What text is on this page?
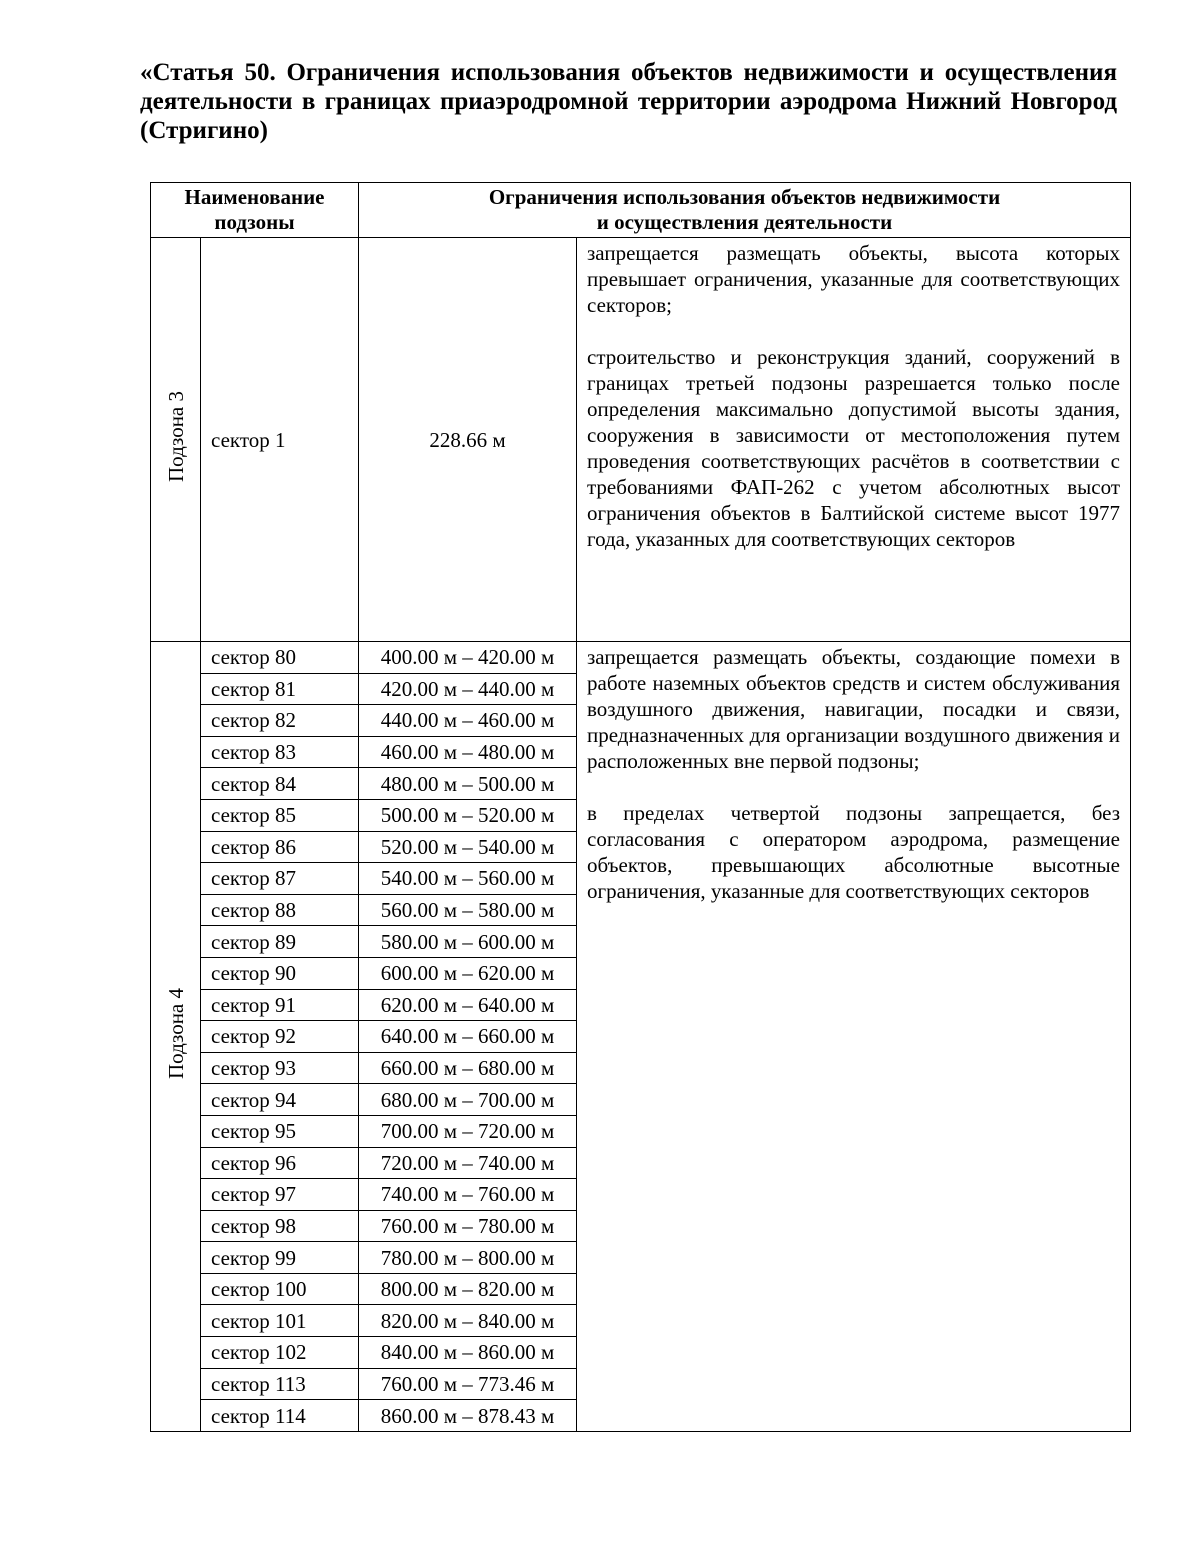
«Статья 50. Ограничения использования объектов недвижимости и осуществления деятельности в границах приаэродромной территории аэродрома Нижний Новгород (Стригино)
Наименование подзоны		Ограничения использования объектов недвижимости
и осуществления деятельности	
Подзона 3	сектор 1	228.66 м	запрещается размещать объекты, высота которых превышает ограничения, указанные для соответствующих секторов;

строительство и реконструкция зданий, сооружений в границах третьей подзоны разрешается только после определения максимально допустимой высоты здания, сооружения в зависимости от местоположения путем проведения соответствующих расчётов в соответствии с требованиями ФАП-262 с учетом абсолютных высот ограничения объектов в Балтийской системе высот 1977 года, указанных для соответствующих секторов

Подзона 4	сектор 80	400.00 м – 420.00 м	запрещается размещать объекты, создающие помехи в работе наземных объектов средств и систем обслуживания воздушного движения, навигации, посадки и связи, предназначенных для организации воздушного движения и расположенных вне первой подзоны;

в пределах четвертой подзоны запрещается, без согласования с оператором аэродрома, размещение объектов, превышающих абсолютные высотные ограничения, указанные для соответствующих секторов

	сектор 81	420.00 м – 440.00 м	
	сектор 82	440.00 м – 460.00 м	
	сектор 83	460.00 м – 480.00 м	
	сектор 84	480.00 м – 500.00 м	
	сектор 85	500.00 м – 520.00 м	
	сектор 86	520.00 м – 540.00 м	
	сектор 87	540.00 м – 560.00 м	
	сектор 88	560.00 м – 580.00 м	
	сектор 89	580.00 м – 600.00 м	
	сектор 90	600.00 м – 620.00 м	
	сектор 91	620.00 м – 640.00 м	
	сектор 92	640.00 м – 660.00 м	
	сектор 93	660.00 м – 680.00 м	
	сектор 94	680.00 м – 700.00 м	
	сектор 95	700.00 м – 720.00 м	
	сектор 96	720.00 м – 740.00 м	
	сектор 97	740.00 м – 760.00 м	
	сектор 98	760.00 м – 780.00 м	
	сектор 99	780.00 м – 800.00 м	
	сектор 100	800.00 м – 820.00 м	
	сектор 101	820.00 м – 840.00 м	
	сектор 102	840.00 м – 860.00 м	
	сектор 113	760.00 м – 773.46 м	
	сектор 114	860.00 м – 878.43 м	
